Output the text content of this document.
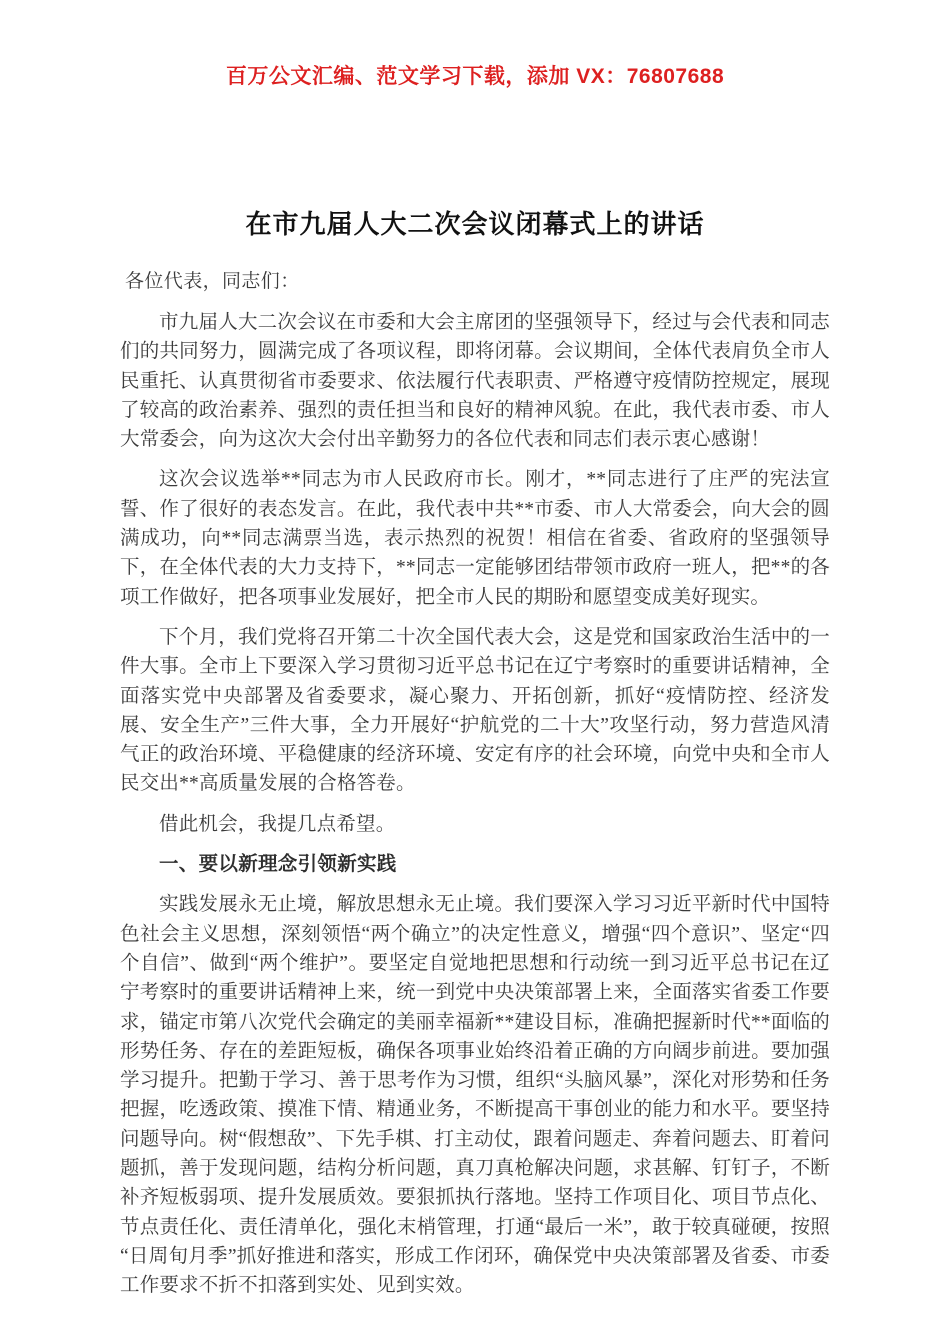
百万公文汇编、范文学习下载，添加 VX：76807688
在市九届人大二次会议闭幕式上的讲话
各位代表，同志们：

市九届人大二次会议在市委和大会主席团的坚强领导下，经过与会代表和同志们的共同努力，圆满完成了各项议程，即将闭幕。会议期间，全体代表肩负全市人民重托、认真贯彻省市委要求、依法履行代表职责、严格遵守疫情防控规定，展现了较高的政治素养、强烈的责任担当和良好的精神风貌。在此，我代表市委、市人大常委会，向为这次大会付出辛勤努力的各位代表和同志们表示衷心感谢！

这次会议选举**同志为市人民政府市长。刚才，**同志进行了庄严的宪法宣誓、作了很好的表态发言。在此，我代表中共**市委、市人大常委会，向大会的圆满成功，向**同志满票当选，表示热烈的祝贺！相信在省委、省政府的坚强领导下，在全体代表的大力支持下，**同志一定能够团结带领市政府一班人，把**的各项工作做好，把各项事业发展好，把全市人民的期盼和愿望变成美好现实。

下个月，我们党将召开第二十次全国代表大会，这是党和国家政治生活中的一件大事。全市上下要深入学习贯彻习近平总书记在辽宁考察时的重要讲话精神，全面落实党中央部署及省委要求，凝心聚力、开拓创新，抓好“疫情防控、经济发展、安全生产”三件大事，全力开展好“护航党的二十大”攻坚行动，努力营造风清气正的政治环境、平稳健康的经济环境、安定有序的社会环境，向党中央和全市人民交出**高质量发展的合格答卷。

借此机会，我提几点希望。

一、要以新理念引领新实践

实践发展永无止境，解放思想永无止境。我们要深入学习习近平新时代中国特色社会主义思想，深刻领悟“两个确立”的决定性意义，增强“四个意识”、坚定“四个自信”、做到“两个维护”。要坚定自觉地把思想和行动统一到习近平总书记在辽宁考察时的重要讲话精神上来，统一到党中央决策部署上来，全面落实省委工作要求，锚定市第八次党代会确定的美丽幸福新**建设目标，准确把握新时代**面临的形势任务、存在的差距短板，确保各项事业始终沿着正确的方向阔步前进。要加强学习提升。把勤于学习、善于思考作为习惯，组织“头脑风暴”，深化对形势和任务把握，吃透政策、摸准下情、精通业务，不断提高干事创业的能力和水平。要坚持问题导向。树“假想敌”、下先手棋、打主动仗，跟着问题走、奔着问题去、盯着问题抓，善于发现问题，结构分析问题，真刀真枪解决问题，求甚解、钉钉子，不断补齐短板弱项、提升发展质效。要狠抓执行落地。坚持工作项目化、项目节点化、节点责任化、责任清单化，强化末梢管理，打通“最后一米”，敢于较真碰硬，按照“日周旬月季”抓好推进和落实，形成工作闭环，确保党中央决策部署及省委、市委工作要求不折不扣落到实处、见到实效。
